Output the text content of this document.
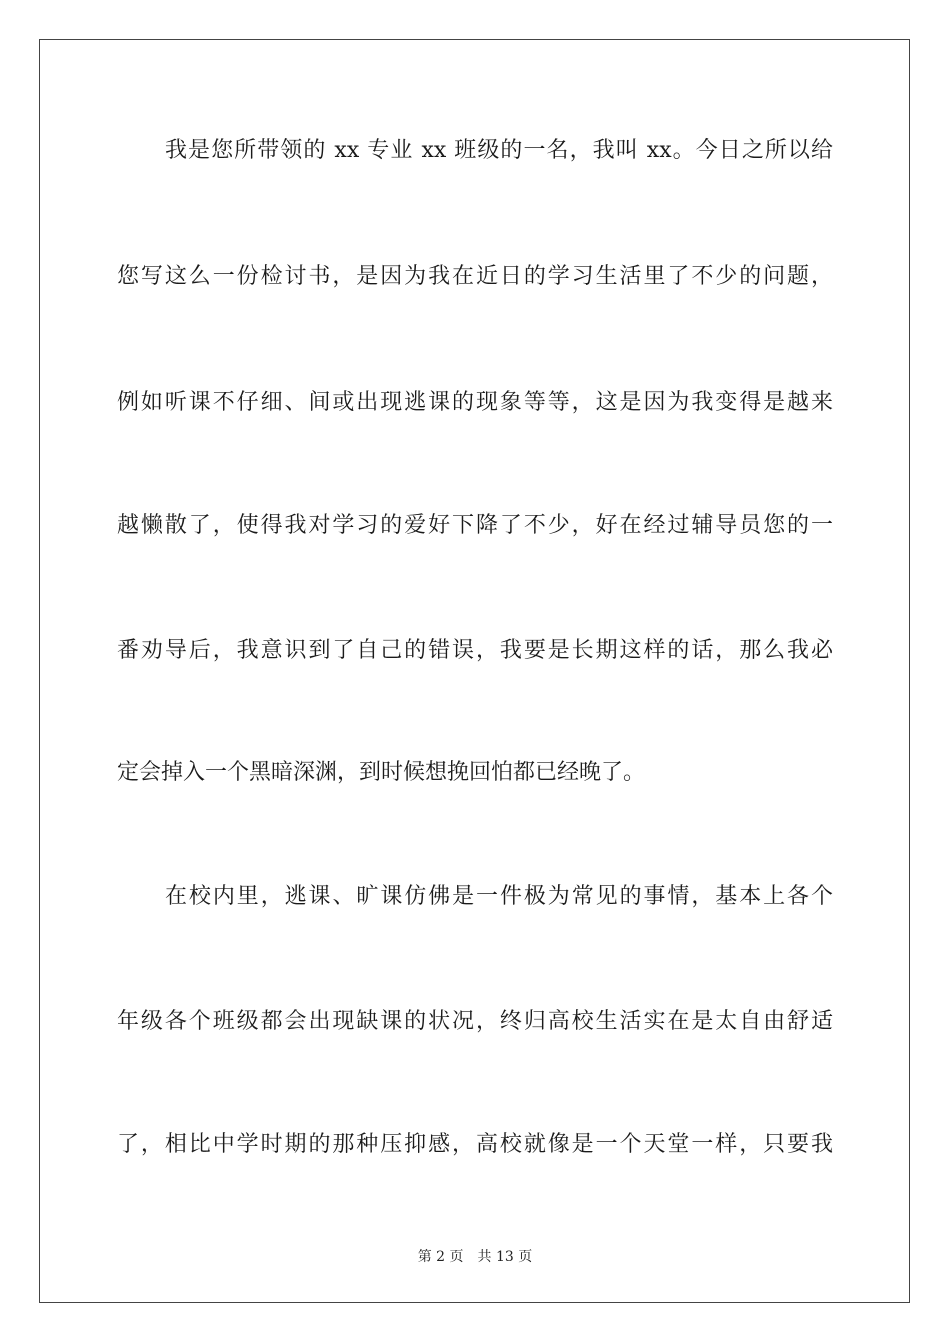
我是您所带领的 xx 专业 xx 班级的一名，我叫 xx。今日之所以给
您写这么一份检讨书，是因为我在近日的学习生活里了不少的问题，
例如听课不仔细、间或出现逃课的现象等等，这是因为我变得是越来
越懒散了，使得我对学习的爱好下降了不少，好在经过辅导员您的一
番劝导后，我意识到了自己的错误，我要是长期这样的话，那么我必
定会掉入一个黑暗深渊，到时候想挽回怕都已经晚了。
在校内里，逃课、旷课仿佛是一件极为常见的事情，基本上各个
年级各个班级都会出现缺课的状况，终归高校生活实在是太自由舒适
了，相比中学时期的那种压抑感，高校就像是一个天堂一样，只要我
第 2 页 共 13 页
